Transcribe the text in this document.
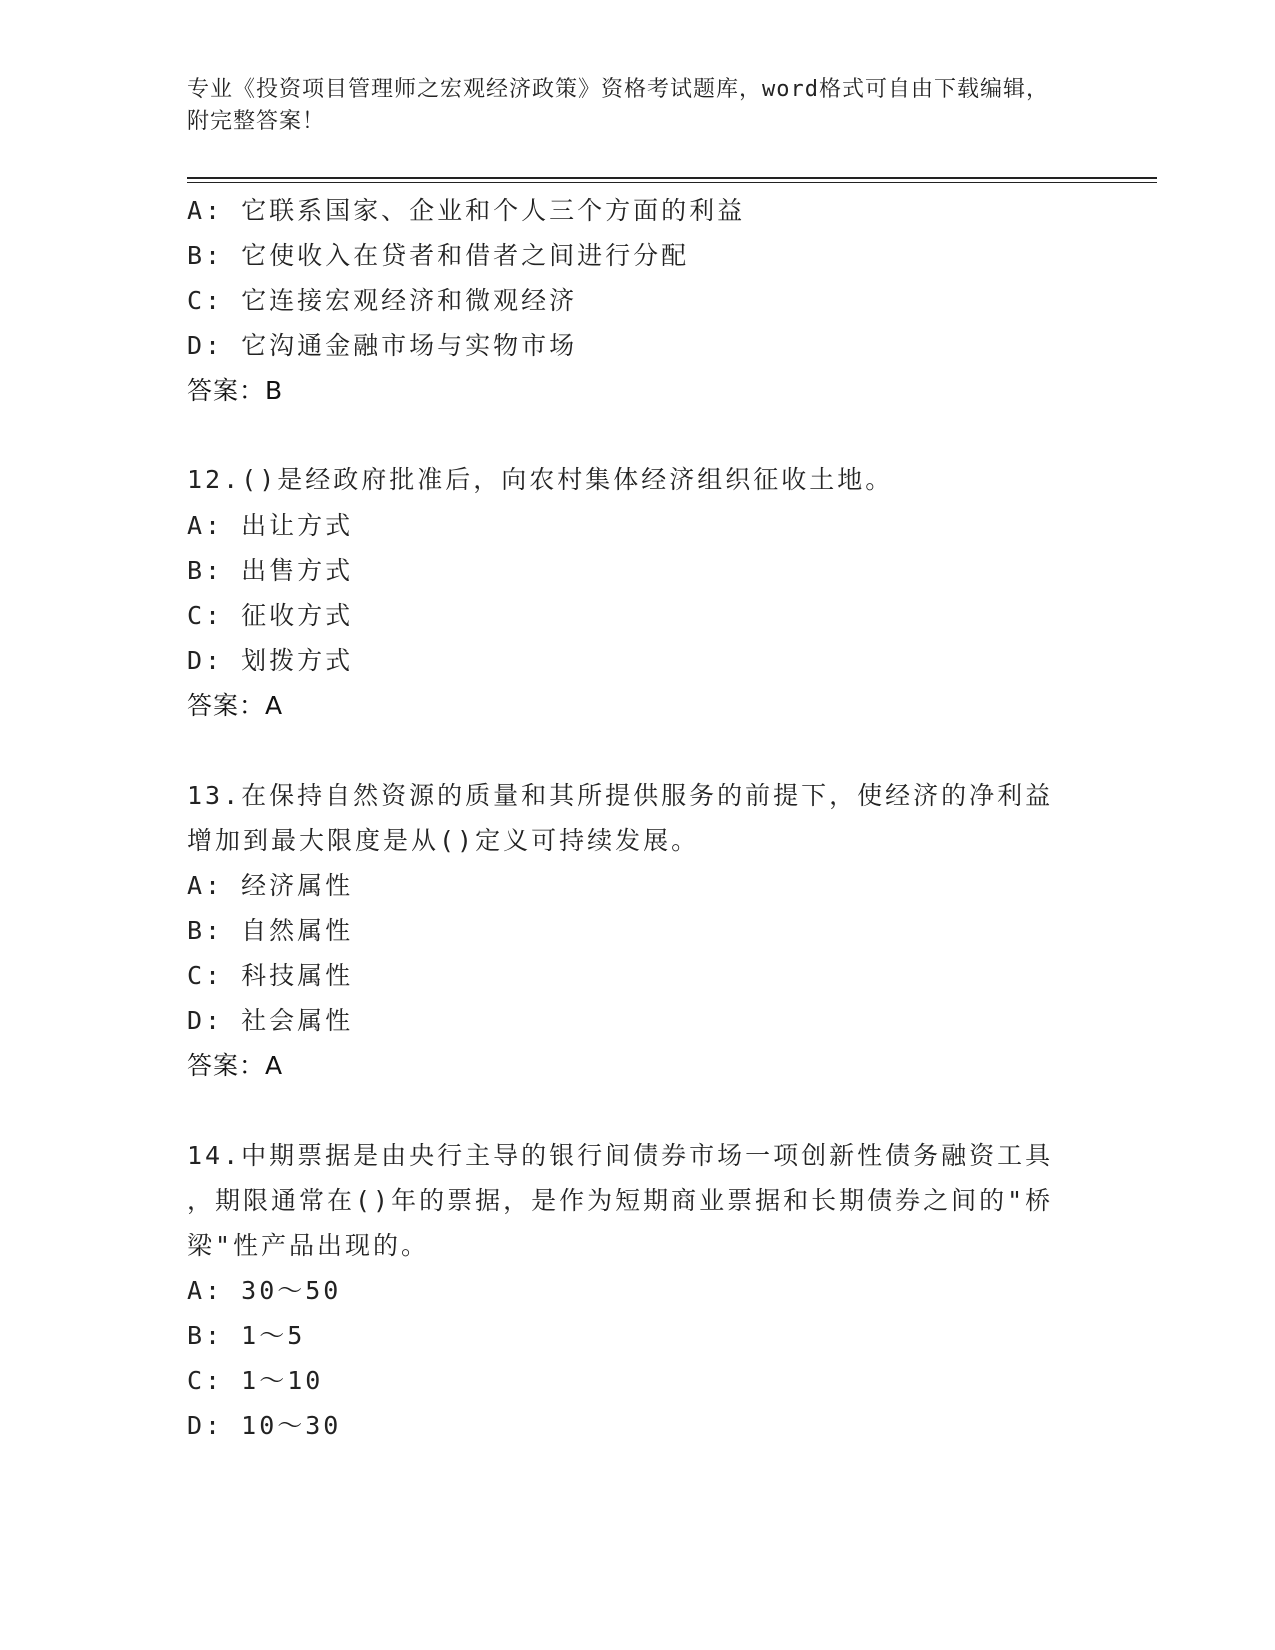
专业《投资项目管理师之宏观经济政策》资格考试题库，word格式可自由下载编辑，附完整答案！
A: 它联系国家、企业和个人三个方面的利益
B: 它使收入在贷者和借者之间进行分配
C: 它连接宏观经济和微观经济
D: 它沟通金融市场与实物市场
答案：B
12.()是经政府批准后，向农村集体经济组织征收土地。
A: 出让方式
B: 出售方式
C: 征收方式
D: 划拨方式
答案：A
13.在保持自然资源的质量和其所提供服务的前提下，使经济的净利益
增加到最大限度是从()定义可持续发展。
A: 经济属性
B: 自然属性
C: 科技属性
D: 社会属性
答案：A
14.中期票据是由央行主导的银行间债券市场一项创新性债务融资工具
，期限通常在()年的票据，是作为短期商业票据和长期债券之间的"桥
梁"性产品出现的。
A: 30～50
B: 1～5
C: 1～10
D: 10～30
